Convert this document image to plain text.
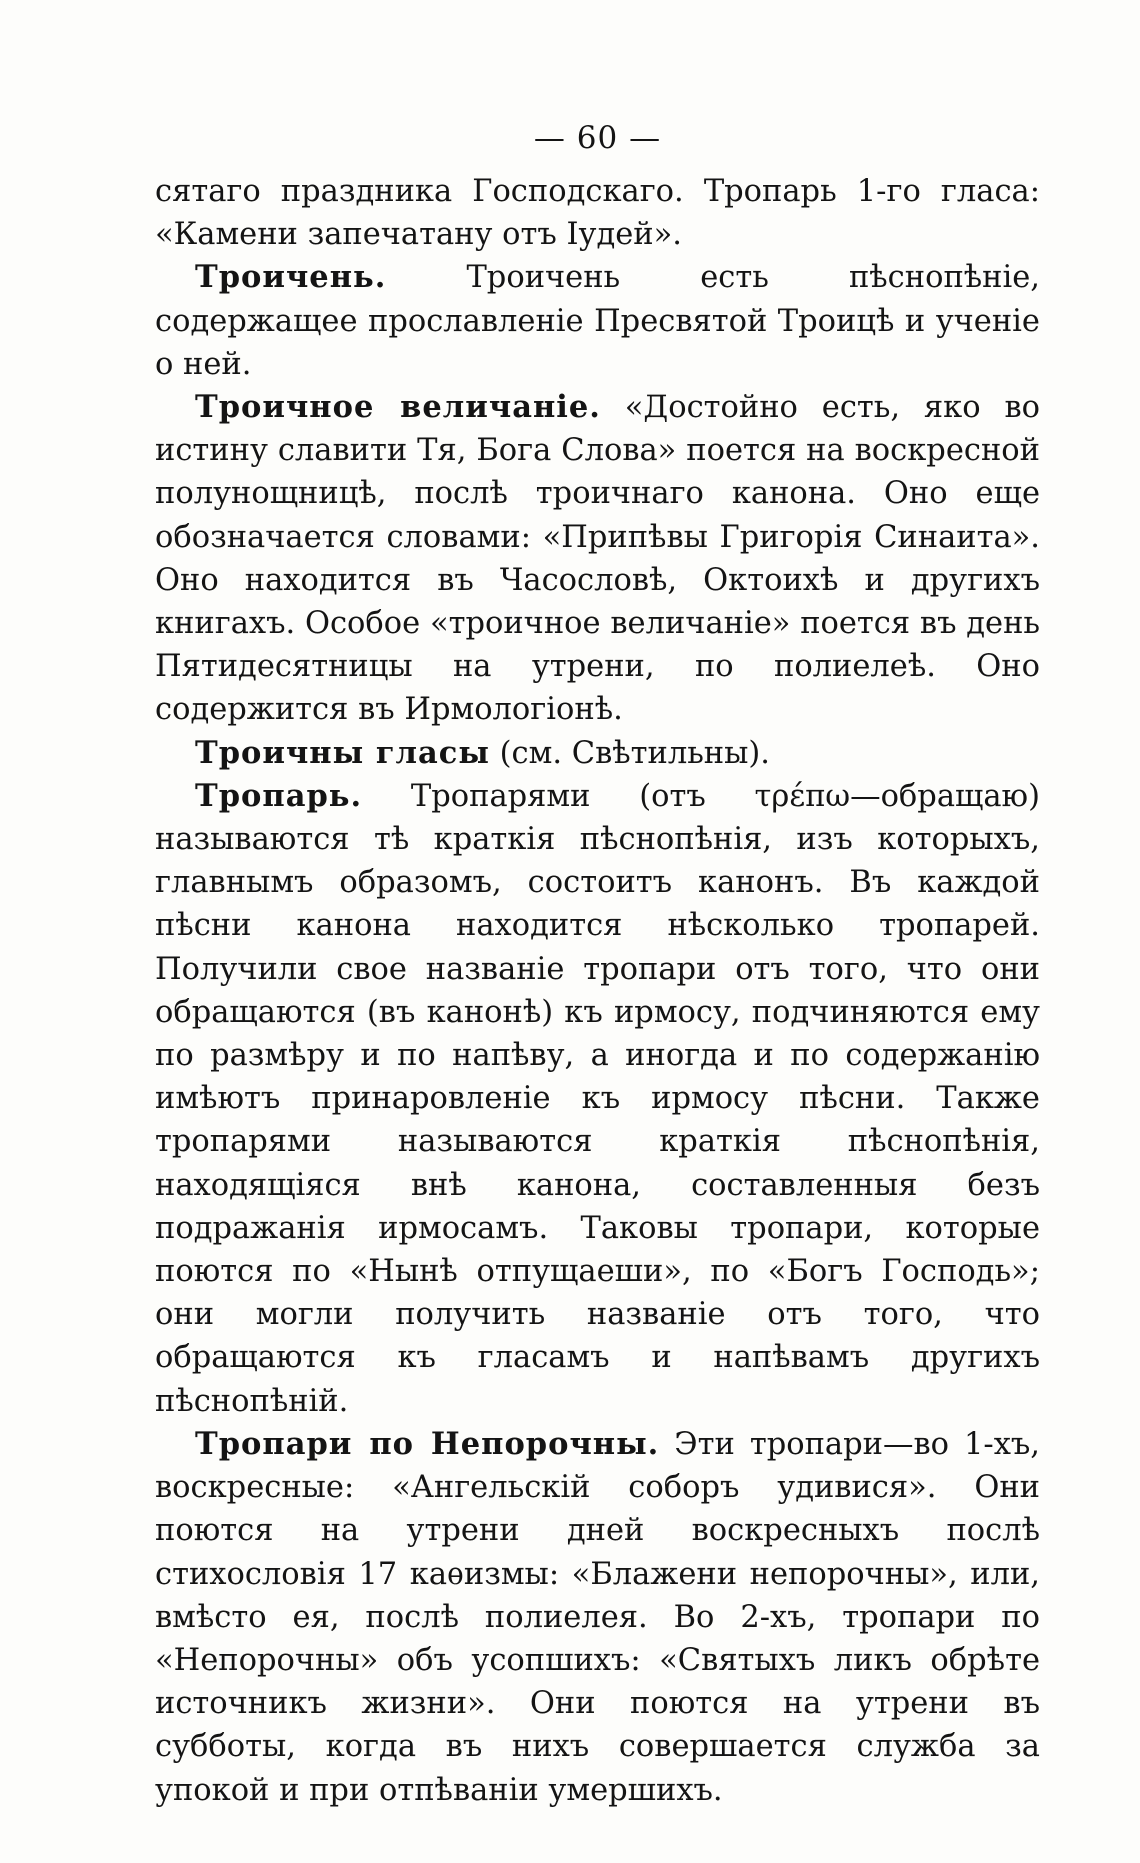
— 60 —

сятаго праздника Господскаго. Тропарь 1-го гласа: «Камени запечатану отъ Іудей».

Троичень. Троичень есть пѣснопѣніе, содержащее прославленіе Пресвятой Троицѣ и ученіе о ней.

Троичное величаніе. «Достойно есть, яко во истину славити Тя, Бога Слова» поется на воскресной полунощницѣ, послѣ троичнаго канона. Оно еще обозначается словами: «Припѣвы Григорія Синаита». Оно находится въ Часословѣ, Октоихѣ и другихъ книгахъ. Особое «троичное величаніе» поется въ день Пятидесятницы на утрени, по полиелеѣ. Оно содержится въ Ирмологіонѣ.

Троичны гласы (см. Свѣтильны).

Тропарь. Тропарями (отъ τρέπω—обращаю) называются тѣ краткія пѣснопѣнія, изъ которыхъ, главнымъ образомъ, состоитъ канонъ. Въ каждой пѣсни канона находится нѣсколько тропарей. Получили свое названіе тропари отъ того, что они обращаются (въ канонѣ) къ ирмосу, подчиняются ему по размѣру и по напѣву, а иногда и по содержанію имѣютъ принаровленіе къ ирмосу пѣсни. Также тропарями называются краткія пѣснопѣнія, находящіяся внѣ канона, составленныя безъ подражанія ирмосамъ. Таковы тропари, которые поются по «Нынѣ отпущаеши», по «Богъ Господь»; они могли получить названіе отъ того, что обращаются къ гласамъ и напѣвамъ другихъ пѣснопѣній.

Тропари по Непорочны. Эти тропари—во 1-хъ, воскресные: «Ангельскій соборъ удивися». Они поются на утрени дней воскресныхъ послѣ стихословія 17 каѳизмы: «Блажени непорочны», или, вмѣсто ея, послѣ полиелея. Во 2-хъ, тропари по «Непорочны» объ усопшихъ: «Святыхъ ликъ обрѣте источникъ жизни». Они поются на утрени въ субботы, когда въ нихъ совершается служба за упокой и при отпѣваніи умершихъ.
